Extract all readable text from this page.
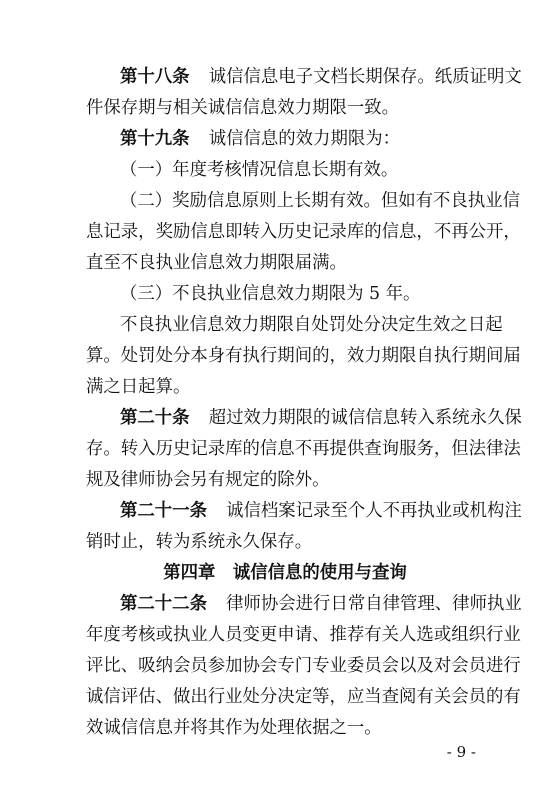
第十八条 诚信信息电子文档长期保存。纸质证明文
件保存期与相关诚信信息效力期限一致。
第十九条 诚信信息的效力期限为：
（一）年度考核情况信息长期有效。
（二）奖励信息原则上长期有效。但如有不良执业信
息记录，奖励信息即转入历史记录库的信息，不再公开，
直至不良执业信息效力期限届满。
（三）不良执业信息效力期限为 5 年。
不良执业信息效力期限自处罚处分决定生效之日起
算。处罚处分本身有执行期间的，效力期限自执行期间届
满之日起算。
第二十条 超过效力期限的诚信信息转入系统永久保
存。转入历史记录库的信息不再提供查询服务，但法律法
规及律师协会另有规定的除外。
第二十一条 诚信档案记录至个人不再执业或机构注
销时止，转为系统永久保存。
第四章　诚信信息的使用与查询
第二十二条 律师协会进行日常自律管理、律师执业
年度考核或执业人员变更申请、推荐有关人选或组织行业
评比、吸纳会员参加协会专门专业委员会以及对会员进行
诚信评估、做出行业处分决定等，应当查阅有关会员的有
效诚信信息并将其作为处理依据之一。
- 9 -
